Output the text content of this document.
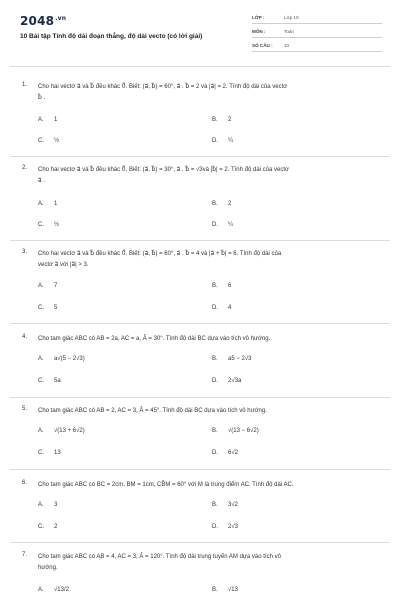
$2048^{.vn}$
10 Bài tập Tính độ dài đoạn thẳng, độ dài vecto (có lời giải)
LỚP :	Lớp 10
MÔN :	Toán
SỐ CÂU : 10
1. Cho hai vectơ a⃗ và b⃗ đều khác 0⃗. Biết: (a⃗, b⃗) = 60°, a⃗ . b⃗ = 2 và |a⃗| = 2. Tính độ dài của vectơ
b⃗ .
A. 1	B. 2
C. ½	D. ¼
2. Cho hai vectơ a⃗ và b⃗ đều khác 0⃗. Biết: (a⃗, b⃗) = 30°, a⃗ . b⃗ = √3và |b⃗| = 2. Tính độ dài của vectơ
a⃗ .
A. 1	B. 2
C. ½	D. ¼
3. Cho hai vectơ a⃗ và b⃗ đều khác 0⃗. Biết: (a⃗, b⃗) = 60°, a⃗ . b⃗ = 4 và |a⃗ + b⃗| = 6. Tính độ dài của
vectơ a⃗ với |a⃗| > 3.
A. 7	B. 6
C. 5	D. 4
4. Cho tam giác ABC có AB = 2a, AC = a, Â = 30°. Tính độ dài BC dựa vào tích vô hướng.
A. a√(5 − 2√3)	B. a5 − 2√3
C. 5a	D. 2√3a
5. Cho tam giác ABC có AB = 2, AC = 3, Â = 45°. Tính độ dài BC dựa vào tích vô hướng.
A. √(13 + 6√2)	B. √(13 − 6√2)
C. 13	D. 6√2
6. Cho tam giác ABC có BC = 2cm, BM = 1cm, CB̂M = 60° với M là trung điểm AC. Tính độ dài AC.
A. 3	B. 3√2
C. 2	D. 2√3
7. Cho tam giác ABC có AB = 4, AC = 3, Â = 120°. Tính độ dài trung tuyến AM dựa vào tích vô
hướng.
A. √13/2	B. √13
